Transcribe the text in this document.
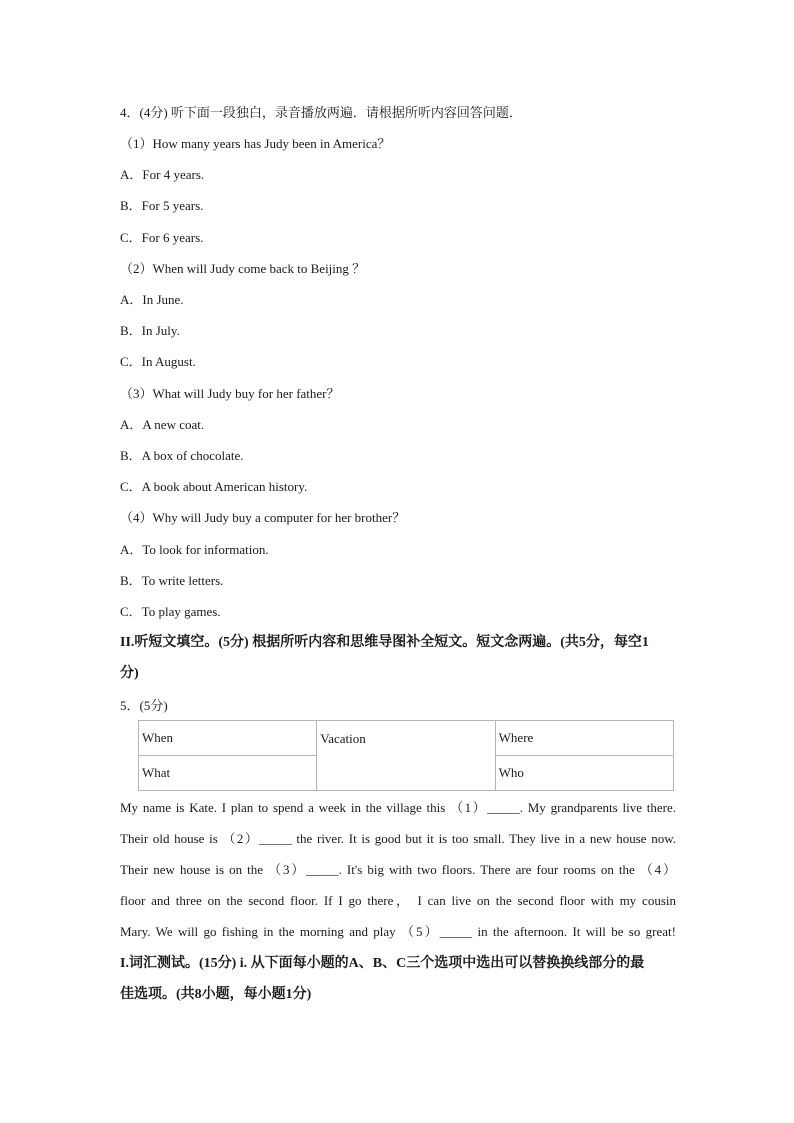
4．(4分) 听下面一段独白，录音播放两遍．请根据所听内容回答问题．
（1）How many years has Judy been in America？
A．For 4 years.
B．For 5 years.
C．For 6 years.
（2）When will Judy come back to Beijing ？
A．In June.
B．In July.
C．In August.
（3）What will Judy buy for her father？
A．A new coat.
B．A box of chocolate.
C．A book about American history.
（4）Why will Judy buy a computer for her brother？
A．To look for information.
B．To write letters.
C．To play games.
II.听短文填空。(5分) 根据所听内容和思维导图补全短文。短文念两遍。(共5分，每空1
分)
5．(5分)
When	Vacation	Where
What		Who
My name is Kate. I plan to spend a week in the village this （1）_____. My grandparents live there.
Their old house is （2）_____ the river. It is good but it is too small. They live in a new house now.
Their new house is on the （3）_____. It's big with two floors. There are four rooms on the （4）
floor and three on the second floor. If I go there， I can live on the second floor with my cousin
Mary. We will go fishing in the morning and play （5）_____ in the afternoon. It will be so great!
I.词汇测试。(15分) i. 从下面每小题的A、B、C三个选项中选出可以替换换线部分的最
佳选项。(共8小题，每小题1分)
